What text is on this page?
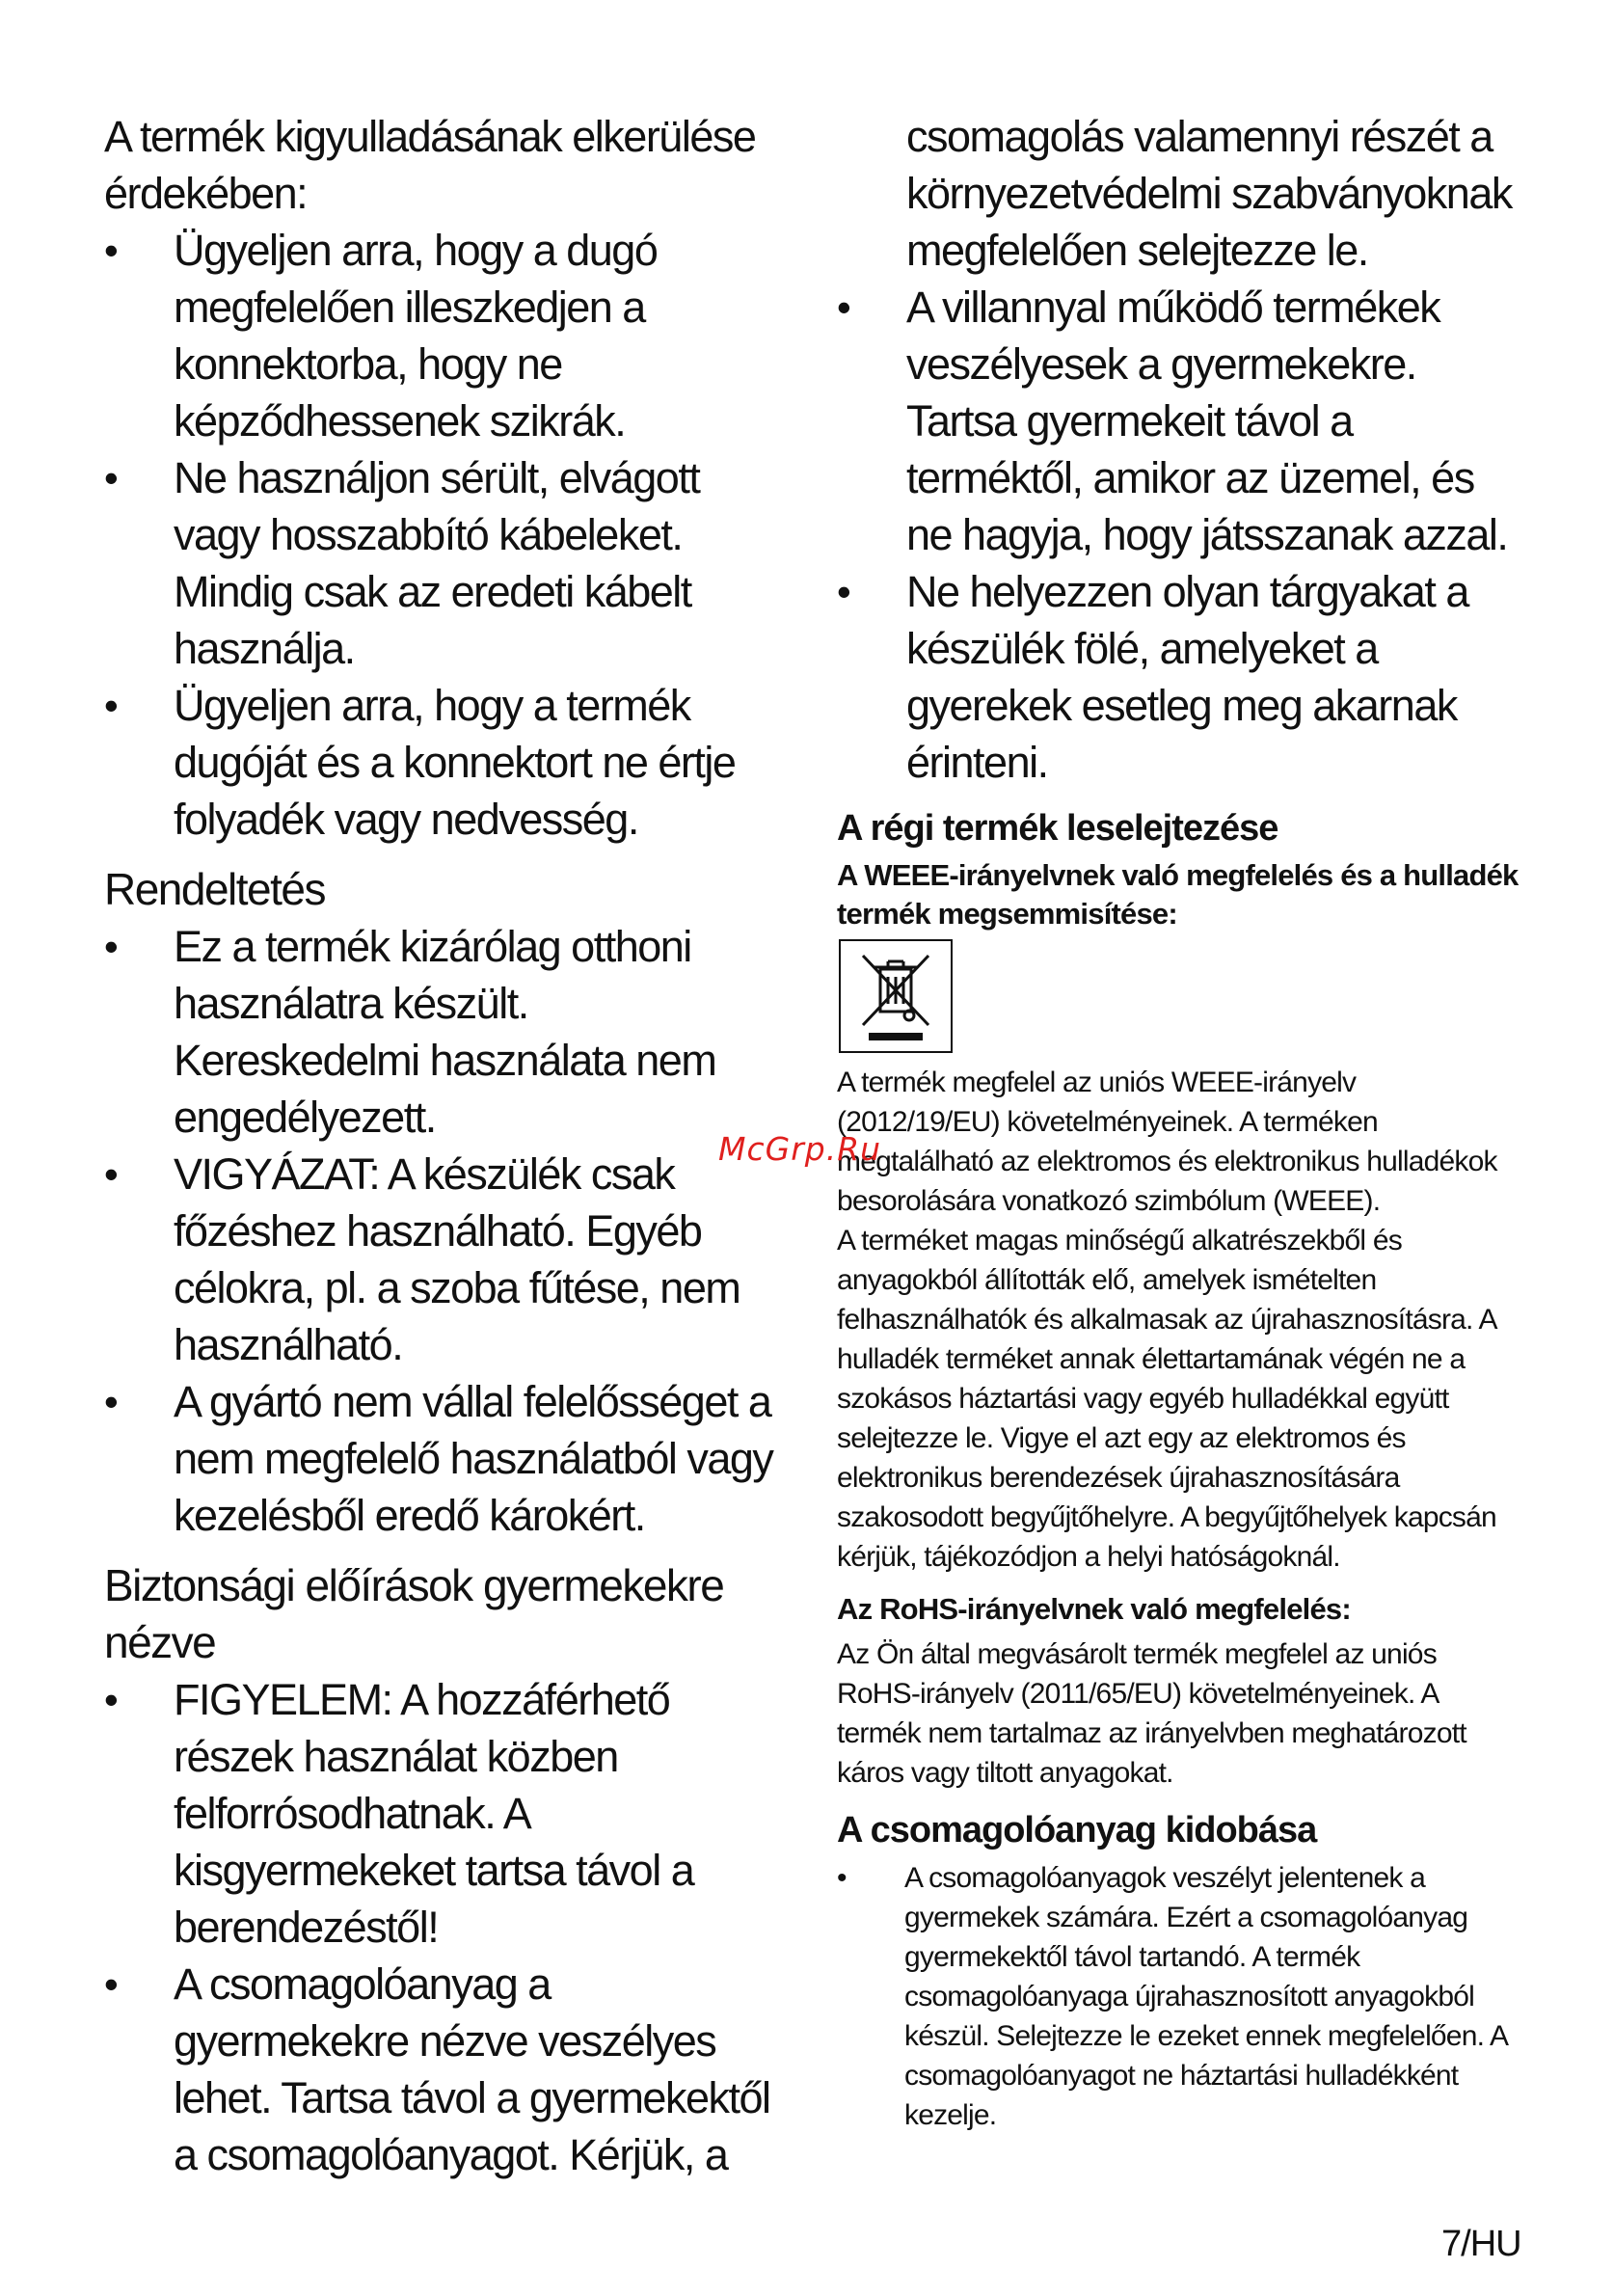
A termék kigyulladásának elkerülése érdekében:

• Ügyeljen arra, hogy a dugó megfelelően illeszkedjen a konnektorba, hogy ne képződhessenek szikrák.
• Ne használjon sérült, elvágott vagy hosszabbító kábeleket. Mindig csak az eredeti kábelt használja.
• Ügyeljen arra, hogy a termék dugóját és a konnektort ne értje folyadék vagy nedvesség.
Rendeltetés
• Ez a termék kizárólag otthoni használatra készült. Kereskedelmi használata nem engedélyezett.
• VIGYÁZAT: A készülék csak főzéshez használható. Egyéb célokra, pl. a szoba fűtése, nem használható.
• A gyártó nem vállal felelősséget a nem megfelelő használatból vagy kezelésből eredő károkért.
Biztonsági előírások gyermekekre nézve
• FIGYELEM: A hozzáférhető részek használat közben felforrósodhatnak. A kisgyermekeket tartsa távol a berendezéstől!
• A csomagolóanyag a gyermekekre nézve veszélyes lehet. Tartsa távol a gyermekektől a csomagolóanyagot. Kérjük, a

csomagolás valamennyi részét a környezetvédelmi szabványoknak megfelelően selejtezze le.

• A villannyal működő termékek veszélyesek a gyermekekre. Tartsa gyermekeit távol a terméktől, amikor az üzemel, és ne hagyja, hogy játsszanak azzal.
• Ne helyezzen olyan tárgyakat a készülék fölé, amelyeket a gyerekek esetleg meg akarnak érinteni.
A régi termék leselejtezése
A WEEE-irányelvnek való megfelelés és a hulladék termék megsemmisítése:

A termék megfelel az uniós WEEE-irányelv (2012/19/EU) követelményeinek. A terméken megtalálható az elektromos és elektronikus hulladékok besorolására vonatkozó szimbólum (WEEE).

A terméket magas minőségű alkatrészekből és anyagokból állították elő, amelyek ismételten felhasználhatók és alkalmasak az újrahasznosításra. A hulladék terméket annak élettartamának végén ne a szokásos háztartási vagy egyéb hulladékkal együtt selejtezze le. Vigye el azt egy az elektromos és elektronikus berendezések újrahasznosítására szakosodott begyűjtőhelyre. A begyűjtőhelyek kapcsán kérjük, tájékozódjon a helyi hatóságoknál.

Az RoHS-irányelvnek való megfelelés:

Az Ön által megvásárolt termék megfelel az uniós RoHS-irányelv (2011/65/EU) követelményeinek. A termék nem tartalmaz az irányelvben meghatározott káros vagy tiltott anyagokat.

A csomagolóanyag kidobása
• A csomagolóanyagok veszélyt jelentenek a gyermekek számára. Ezért a csomagolóanyag gyermekektől távol tartandó. A termék csomagolóanyaga újrahasznosított anyagokból készül. Selejtezze le ezeket ennek megfelelően. A csomagolóanyagot ne háztartási hulladékként kezelje.
McGrp.Ru
7/HU
